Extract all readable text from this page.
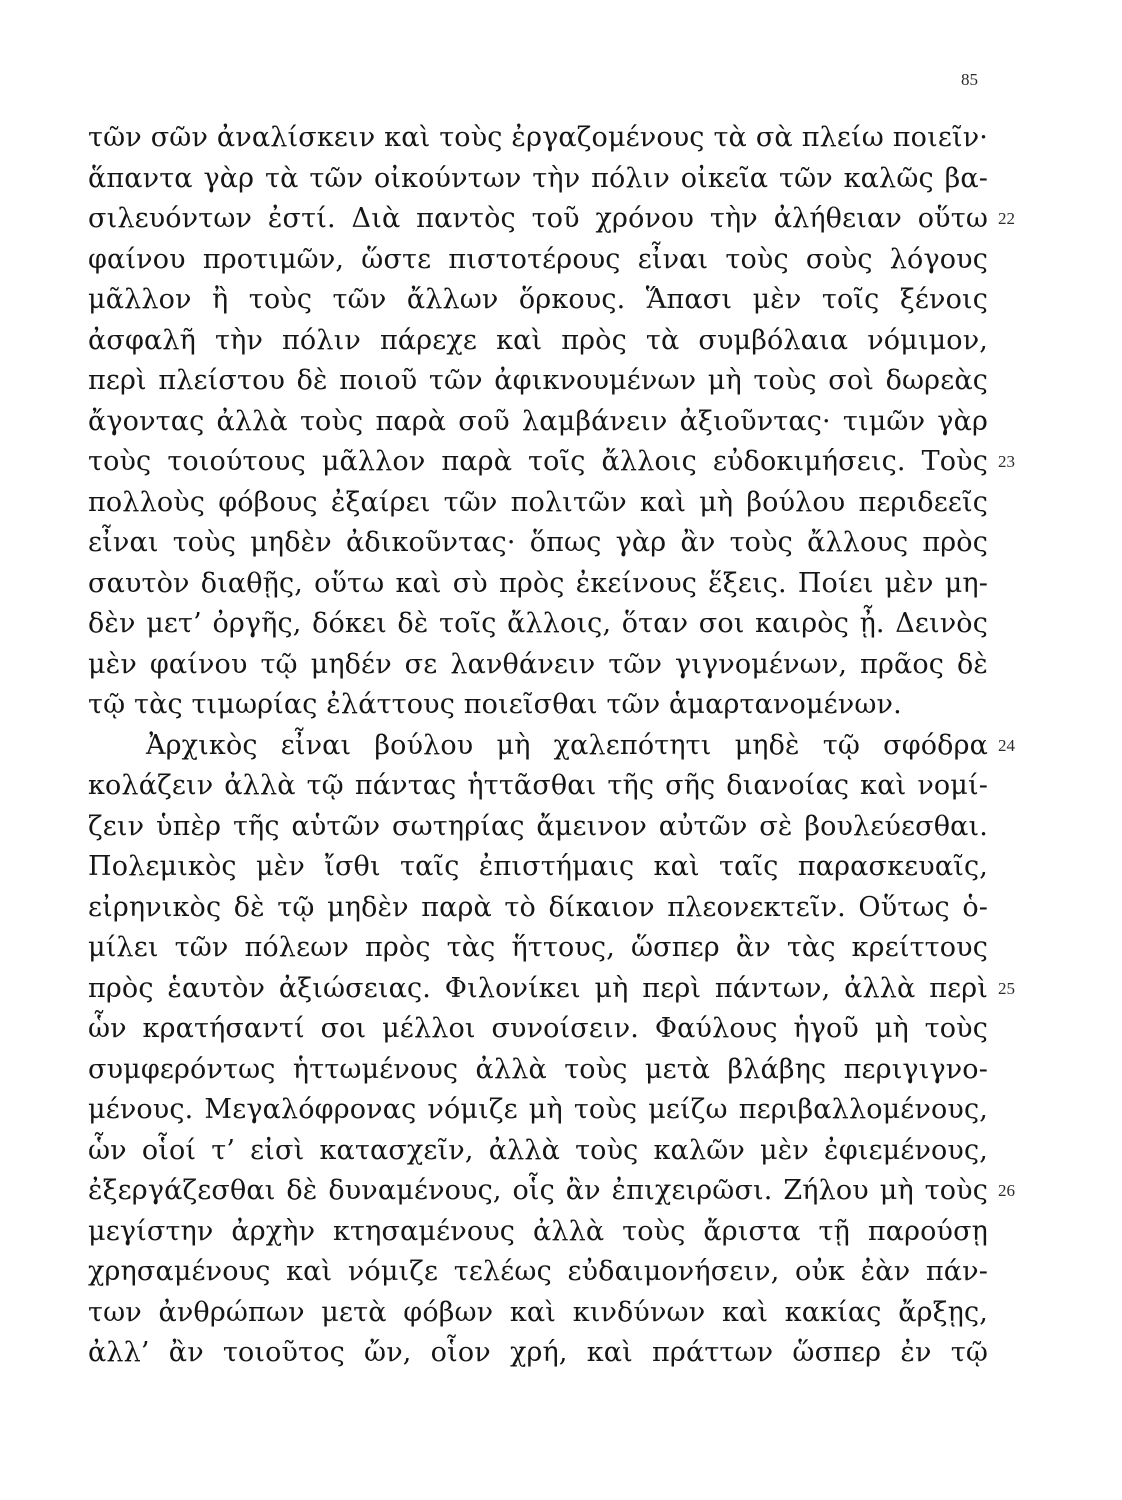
85
τῶν σῶν ἀναλίσκειν καὶ τοὺς ἐργαζομένους τὰ σὰ πλείω ποιεῖν·
ἅπαντα γὰρ τὰ τῶν οἰκούντων τὴν πόλιν οἰκεῖα τῶν καλῶς βα-
σιλευόντων ἐστί. Διὰ παντὸς τοῦ χρόνου τὴν ἀλήθειαν οὕτω 22
φαίνου προτιμῶν, ὥστε πιστοτέρους εἶναι τοὺς σοὺς λόγους
μᾶλλον ἢ τοὺς τῶν ἄλλων ὅρκους. Ἅπασι μὲν τοῖς ξένοις
ἀσφαλῆ τὴν πόλιν πάρεχε καὶ πρὸς τὰ συμβόλαια νόμιμον,
περὶ πλείστου δὲ ποιοῦ τῶν ἀφικνουμένων μὴ τοὺς σοὶ δωρεὰς
ἄγοντας ἀλλὰ τοὺς παρὰ σοῦ λαμβάνειν ἀξιοῦντας· τιμῶν γὰρ
τοὺς τοιούτους μᾶλλον παρὰ τοῖς ἄλλοις εὐδοκιμήσεις. Τοὺς 23
πολλοὺς φόβους ἐξαίρει τῶν πολιτῶν καὶ μὴ βούλου περιδεεῖς
εἶναι τοὺς μηδὲν ἀδικοῦντας· ὅπως γὰρ ἂν τοὺς ἄλλους πρὸς
σαυτὸν διαθῇς, οὕτω καὶ σὺ πρὸς ἐκείνους ἕξεις. Ποίει μὲν μη-
δὲν μετ’ ὀργῆς, δόκει δὲ τοῖς ἄλλοις, ὅταν σοι καιρὸς ᾖ. Δεινὸς
μὲν φαίνου τῷ μηδέν σε λανθάνειν τῶν γιγνομένων, πρᾶος δὲ
τῷ τὰς τιμωρίας ἐλάττους ποιεῖσθαι τῶν ἁμαρτανομένων.
Ἀρχικὸς εἶναι βούλου μὴ χαλεπότητι μηδὲ τῷ σφόδρα 24
κολάζειν ἀλλὰ τῷ πάντας ἡττᾶσθαι τῆς σῆς διανοίας καὶ νομί-
ζειν ὑπὲρ τῆς αὑτῶν σωτηρίας ἄμεινον αὐτῶν σὲ βουλεύεσθαι.
Πολεμικὸς μὲν ἴσθι ταῖς ἐπιστήμαις καὶ ταῖς παρασκευαῖς,
εἰρηνικὸς δὲ τῷ μηδὲν παρὰ τὸ δίκαιον πλεονεκτεῖν. Οὕτως ὁ-
μίλει τῶν πόλεων πρὸς τὰς ἥττους, ὥσπερ ἂν τὰς κρείττους
πρὸς ἑαυτὸν ἀξιώσειας. Φιλονίκει μὴ περὶ πάντων, ἀλλὰ περὶ 25
ὧν κρατήσαντί σοι μέλλοι συνοίσειν. Φαύλους ἡγοῦ μὴ τοὺς
συμφερόντως ἡττωμένους ἀλλὰ τοὺς μετὰ βλάβης περιγιγνο-
μένους. Μεγαλόφρονας νόμιζε μὴ τοὺς μείζω περιβαλλομένους,
ὧν οἷοί τ’ εἰσὶ κατασχεῖν, ἀλλὰ τοὺς καλῶν μὲν ἐφιεμένους,
ἐξεργάζεσθαι δὲ δυναμένους, οἷς ἂν ἐπιχειρῶσι. Ζήλου μὴ τοὺς 26
μεγίστην ἀρχὴν κτησαμένους ἀλλὰ τοὺς ἄριστα τῇ παρούσῃ
χρησαμένους καὶ νόμιζε τελέως εὐδαιμονήσειν, οὐκ ἐὰν πάν-
των ἀνθρώπων μετὰ φόβων καὶ κινδύνων καὶ κακίας ἄρξῃς,
ἀλλ’ ἂν τοιοῦτος ὤν, οἷον χρή, καὶ πράττων ὥσπερ ἐν τῷ
